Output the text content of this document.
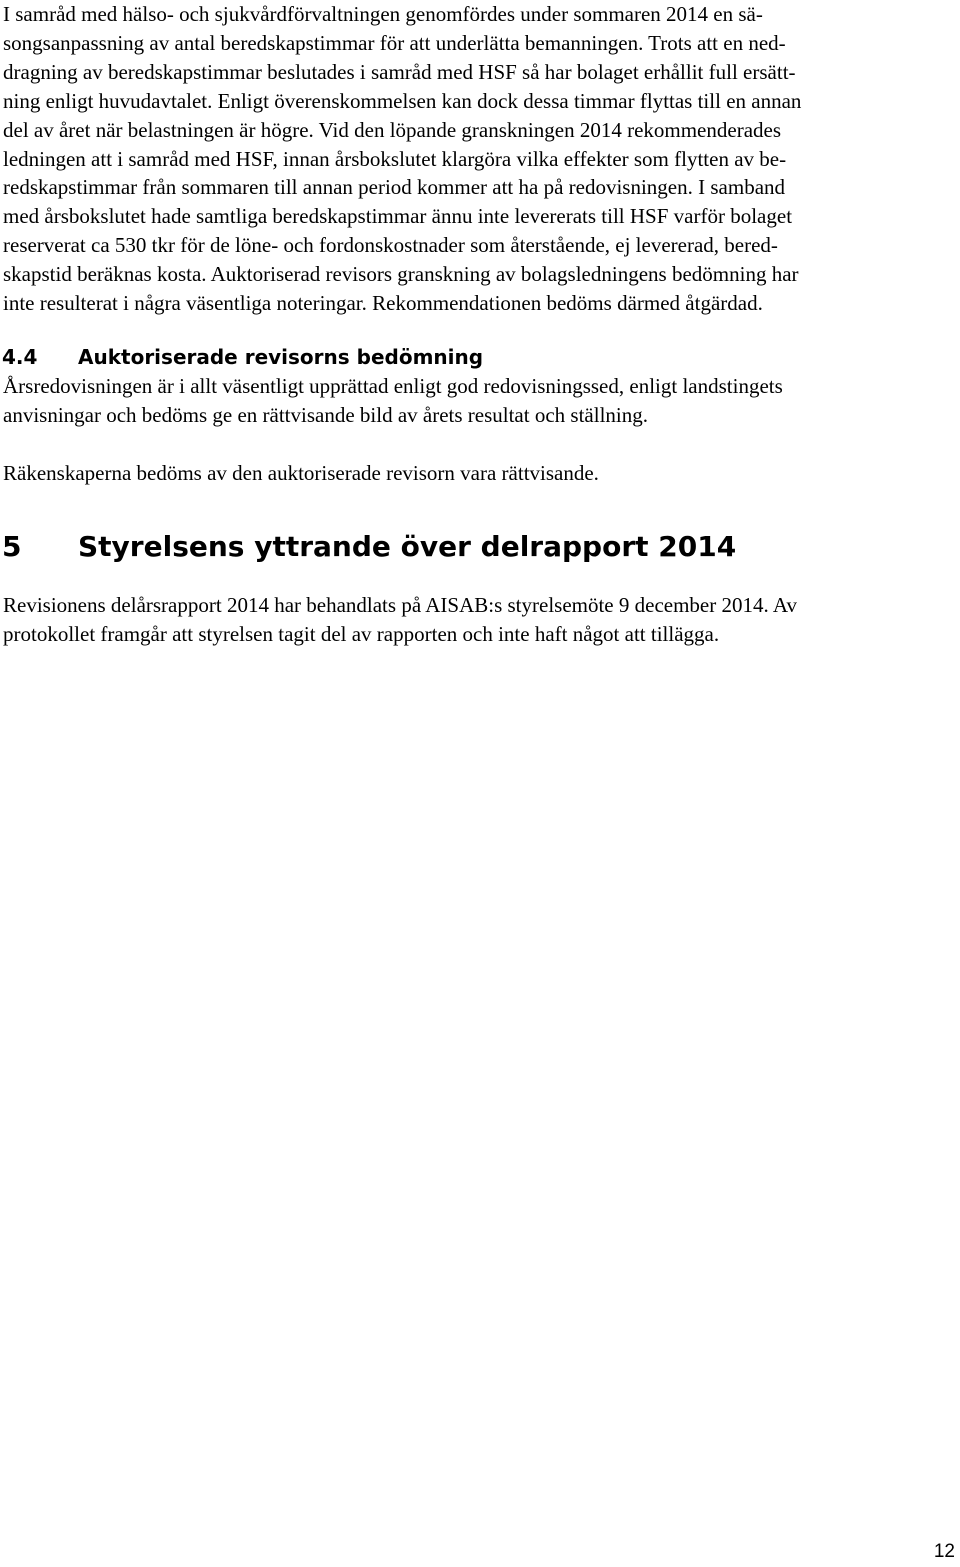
I samråd med hälso- och sjukvårdförvaltningen genomfördes under sommaren 2014 en sä-
songsanpassning av antal beredskapstimmar för att underlätta bemanningen. Trots att en ned-
dragning av beredskapstimmar beslutades i samråd med HSF så har bolaget erhållit full ersätt-
ning enligt huvudavtalet. Enligt överenskommelsen kan dock dessa timmar flyttas till en annan
del av året när belastningen är högre. Vid den löpande granskningen 2014 rekommenderades
ledningen att i samråd med HSF, innan årsbokslutet klargöra vilka effekter som flytten av be-
redskapstimmar från sommaren till annan period kommer att ha på redovisningen. I samband
med årsbokslutet hade samtliga beredskapstimmar ännu inte levererats till HSF varför bolaget
reserverat ca 530 tkr för de löne- och fordonskostnader som återstående, ej levererad, bered-
skapstid beräknas kosta. Auktoriserad revisors granskning av bolagsledningens bedömning har
inte resulterat i några väsentliga noteringar. Rekommendationen bedöms därmed åtgärdad.

4.4 Auktoriserade revisorns bedömning

Årsredovisningen är i allt väsentligt upprättad enligt god redovisningssed, enligt landstingets
anvisningar och bedöms ge en rättvisande bild av årets resultat och ställning.

Räkenskaperna bedöms av den auktoriserade revisorn vara rättvisande.

5 Styrelsens yttrande över delrapport 2014

Revisionens delårsrapport 2014 har behandlats på AISAB:s styrelsemöte 9 december 2014. Av
protokollet framgår att styrelsen tagit del av rapporten och inte haft något att tillägga.

12
